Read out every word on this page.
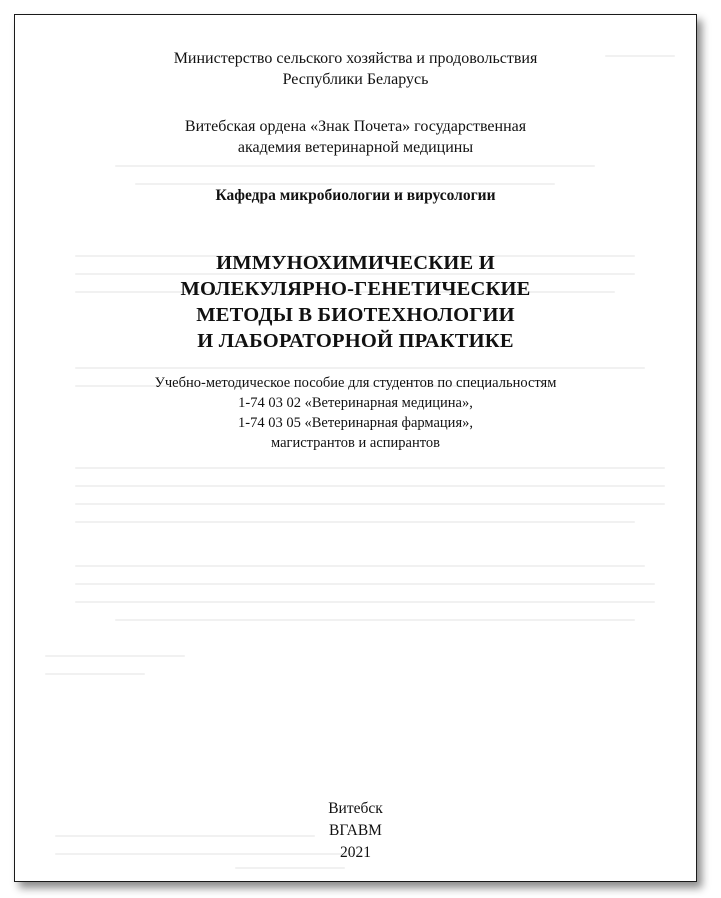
Министерство сельского хозяйства и продовольствия
Республики Беларусь
Витебская ордена «Знак Почета» государственная
академия ветеринарной медицины
Кафедра микробиологии и вирусологии
ИММУНОХИМИЧЕСКИЕ И
МОЛЕКУЛЯРНО-ГЕНЕТИЧЕСКИЕ
МЕТОДЫ В БИОТЕХНОЛОГИИ
И ЛАБОРАТОРНОЙ ПРАКТИКЕ
Учебно-методическое пособие для студентов по специальностям
1-74 03 02 «Ветеринарная медицина»,
1-74 03 05 «Ветеринарная фармация»,
магистрантов и аспирантов
Витебск
ВГАВМ
2021
